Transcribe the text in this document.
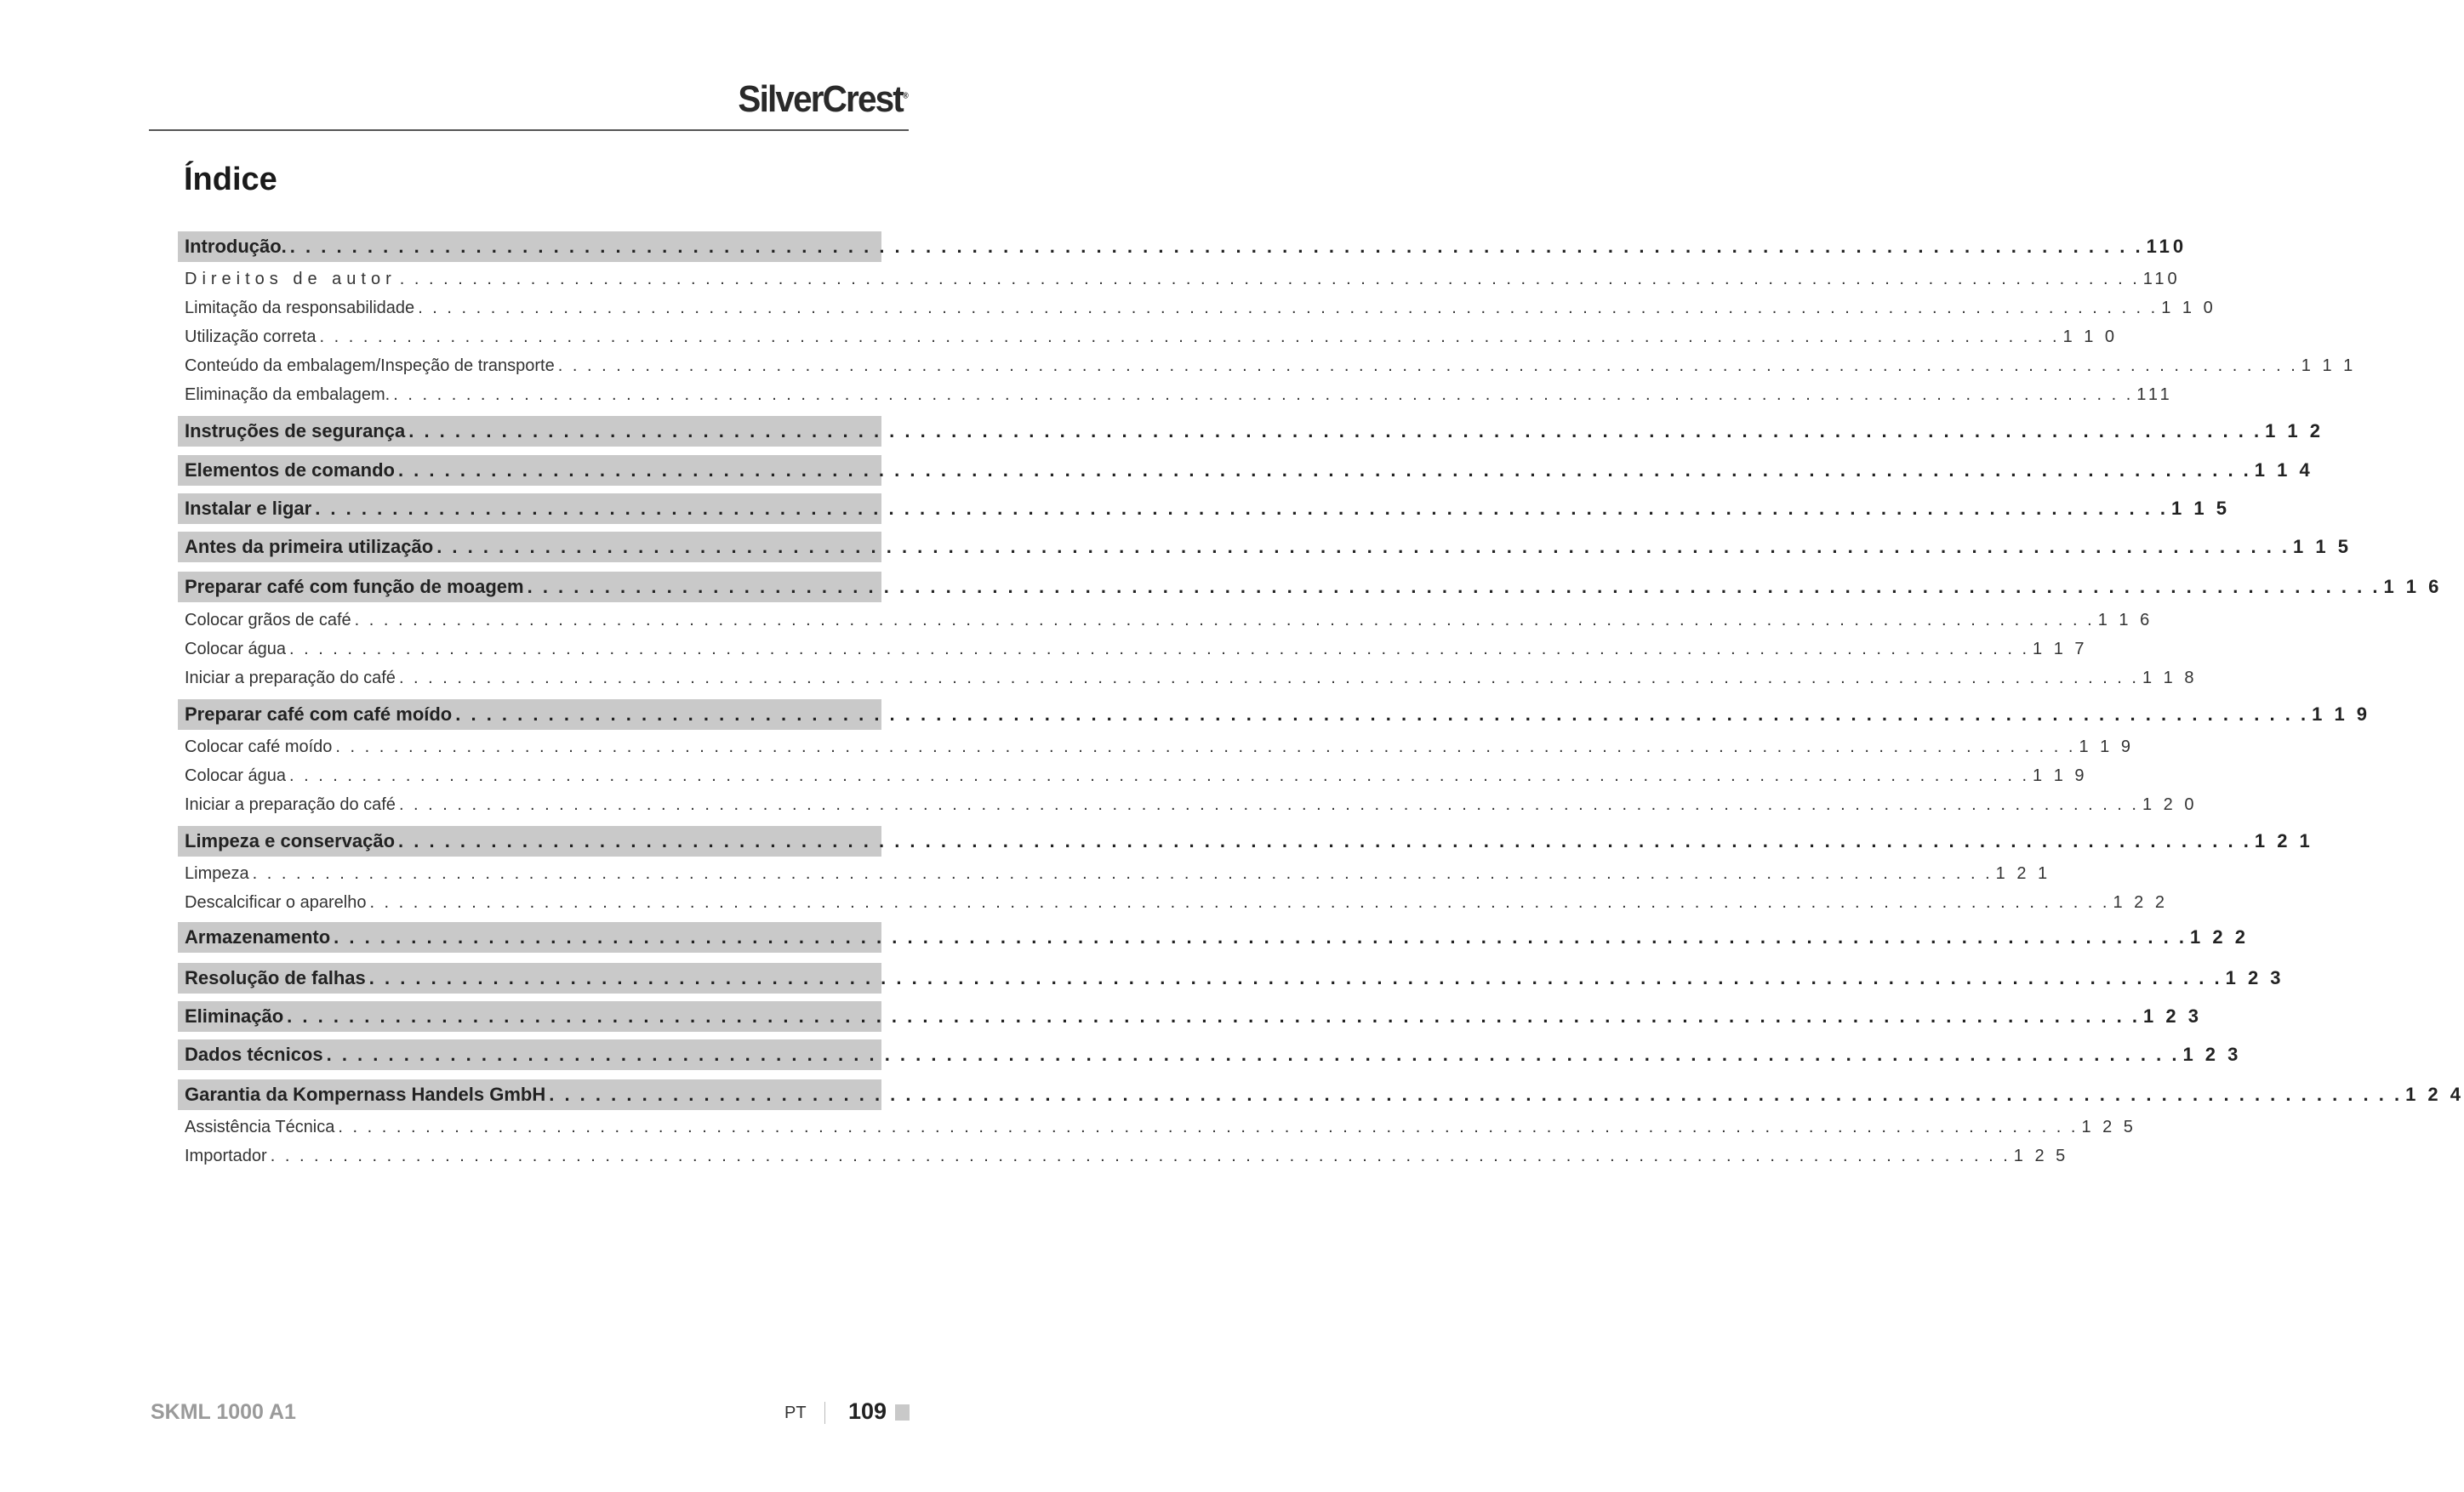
SilverCrest®
Índice
Introdução. . . . . . . . . . . . . . . . . . . . . . . . . . . . . . . . . . . . . . . . . . . . . . . . . . . . . . . . . . . . . . . . . . . . . . . . . . . . . . . . . . . . . . . . . . . . . . . . . . . . . . . . . . . . . . . . . . . . . . . . . 110
Direitos de autor . . . . . . . . . . . . . . . . . . . . . . . . . . . . . . . . . . . . . . . . . . . . . . . . . . . . . . . . . . . . . . . . . . . . . . . . . . . . . . . . . . . . . . . . . . . . . . . . . . . . . . . . . . . . . . . . . . . . . . . . 110
Limitação da responsabilidade . . . . . . . . . . . . . . . . . . . . . . . . . . . . . . . . . . . . . . . . . . . . . . . . . . . . . . . . . . . . . . . . . . . . . . . . . . . . . . . . . . . . . . . . . . . . . . . . . . . . . . . . . . . . . . . . . . . . . . . . 1 1 0
Utilização correta . . . . . . . . . . . . . . . . . . . . . . . . . . . . . . . . . . . . . . . . . . . . . . . . . . . . . . . . . . . . . . . . . . . . . . . . . . . . . . . . . . . . . . . . . . . . . . . . . . . . . . . . . . . . . . . . . . . . . . . . 1 1 0
Conteúdo da embalagem/Inspeção de transporte . . . . . . . . . . . . . . . . . . . . . . . . . . . . . . . . . . . . . . . . . . . . . . . . . . . . . . . . . . . . . . . . . . . . . . . . . . . . . . . . . . . . . . . . . . . . . . . . . . . . . . . . . . . . . . . . . . . . . . . . 1 1 1
Eliminação da embalagem. . . . . . . . . . . . . . . . . . . . . . . . . . . . . . . . . . . . . . . . . . . . . . . . . . . . . . . . . . . . . . . . . . . . . . . . . . . . . . . . . . . . . . . . . . . . . . . . . . . . . . . . . . . . . . . . . . . . . . . . . 111
Instruções de segurança . . . . . . . . . . . . . . . . . . . . . . . . . . . . . . . . . . . . . . . . . . . . . . . . . . . . . . . . . . . . . . . . . . . . . . . . . . . . . . . . . . . . . . . . . . . . . . . . . . . . . . . . . . . . . . . . . . . . . . . . 1 1 2
Elementos de comando . . . . . . . . . . . . . . . . . . . . . . . . . . . . . . . . . . . . . . . . . . . . . . . . . . . . . . . . . . . . . . . . . . . . . . . . . . . . . . . . . . . . . . . . . . . . . . . . . . . . . . . . . . . . . . . . . . . . . . . . 1 1 4
Instalar e ligar . . . . . . . . . . . . . . . . . . . . . . . . . . . . . . . . . . . . . . . . . . . . . . . . . . . . . . . . . . . . . . . . . . . . . . . . . . . . . . . . . . . . . . . . . . . . . . . . . . . . . . . . . . . . . . . . . . . . . . . . 1 1 5
Antes da primeira utilização . . . . . . . . . . . . . . . . . . . . . . . . . . . . . . . . . . . . . . . . . . . . . . . . . . . . . . . . . . . . . . . . . . . . . . . . . . . . . . . . . . . . . . . . . . . . . . . . . . . . . . . . . . . . . . . . . . . . . . . . 1 1 5
Preparar café com função de moagem . . . . . . . . . . . . . . . . . . . . . . . . . . . . . . . . . . . . . . . . . . . . . . . . . . . . . . . . . . . . . . . . . . . . . . . . . . . . . . . . . . . . . . . . . . . . . . . . . . . . . . . . . . . . . . . . . . . . . . . . 1 1 6
Colocar grãos de café . . . . . . . . . . . . . . . . . . . . . . . . . . . . . . . . . . . . . . . . . . . . . . . . . . . . . . . . . . . . . . . . . . . . . . . . . . . . . . . . . . . . . . . . . . . . . . . . . . . . . . . . . . . . . . . . . . . . . . . . 1 1 6
Colocar água . . . . . . . . . . . . . . . . . . . . . . . . . . . . . . . . . . . . . . . . . . . . . . . . . . . . . . . . . . . . . . . . . . . . . . . . . . . . . . . . . . . . . . . . . . . . . . . . . . . . . . . . . . . . . . . . . . . . . . . . 1 1 7
Iniciar a preparação do café . . . . . . . . . . . . . . . . . . . . . . . . . . . . . . . . . . . . . . . . . . . . . . . . . . . . . . . . . . . . . . . . . . . . . . . . . . . . . . . . . . . . . . . . . . . . . . . . . . . . . . . . . . . . . . . . . . . . . . . . 1 1 8
Preparar café com café moído . . . . . . . . . . . . . . . . . . . . . . . . . . . . . . . . . . . . . . . . . . . . . . . . . . . . . . . . . . . . . . . . . . . . . . . . . . . . . . . . . . . . . . . . . . . . . . . . . . . . . . . . . . . . . . . . . . . . . . . . 1 1 9
Colocar café moído . . . . . . . . . . . . . . . . . . . . . . . . . . . . . . . . . . . . . . . . . . . . . . . . . . . . . . . . . . . . . . . . . . . . . . . . . . . . . . . . . . . . . . . . . . . . . . . . . . . . . . . . . . . . . . . . . . . . . . . . 1 1 9
Colocar água . . . . . . . . . . . . . . . . . . . . . . . . . . . . . . . . . . . . . . . . . . . . . . . . . . . . . . . . . . . . . . . . . . . . . . . . . . . . . . . . . . . . . . . . . . . . . . . . . . . . . . . . . . . . . . . . . . . . . . . . 1 1 9
Iniciar a preparação do café . . . . . . . . . . . . . . . . . . . . . . . . . . . . . . . . . . . . . . . . . . . . . . . . . . . . . . . . . . . . . . . . . . . . . . . . . . . . . . . . . . . . . . . . . . . . . . . . . . . . . . . . . . . . . . . . . . . . . . . . 1 2 0
Limpeza e conservação . . . . . . . . . . . . . . . . . . . . . . . . . . . . . . . . . . . . . . . . . . . . . . . . . . . . . . . . . . . . . . . . . . . . . . . . . . . . . . . . . . . . . . . . . . . . . . . . . . . . . . . . . . . . . . . . . . . . . . . . 1 2 1
Limpeza . . . . . . . . . . . . . . . . . . . . . . . . . . . . . . . . . . . . . . . . . . . . . . . . . . . . . . . . . . . . . . . . . . . . . . . . . . . . . . . . . . . . . . . . . . . . . . . . . . . . . . . . . . . . . . . . . . . . . . . . 1 2 1
Descalcificar o aparelho . . . . . . . . . . . . . . . . . . . . . . . . . . . . . . . . . . . . . . . . . . . . . . . . . . . . . . . . . . . . . . . . . . . . . . . . . . . . . . . . . . . . . . . . . . . . . . . . . . . . . . . . . . . . . . . . . . . . . . . . 1 2 2
Armazenamento . . . . . . . . . . . . . . . . . . . . . . . . . . . . . . . . . . . . . . . . . . . . . . . . . . . . . . . . . . . . . . . . . . . . . . . . . . . . . . . . . . . . . . . . . . . . . . . . . . . . . . . . . . . . . . . . . . . . . . . . 1 2 2
Resolução de falhas . . . . . . . . . . . . . . . . . . . . . . . . . . . . . . . . . . . . . . . . . . . . . . . . . . . . . . . . . . . . . . . . . . . . . . . . . . . . . . . . . . . . . . . . . . . . . . . . . . . . . . . . . . . . . . . . . . . . . . . . 1 2 3
Eliminação . . . . . . . . . . . . . . . . . . . . . . . . . . . . . . . . . . . . . . . . . . . . . . . . . . . . . . . . . . . . . . . . . . . . . . . . . . . . . . . . . . . . . . . . . . . . . . . . . . . . . . . . . . . . . . . . . . . . . . . . 1 2 3
Dados técnicos . . . . . . . . . . . . . . . . . . . . . . . . . . . . . . . . . . . . . . . . . . . . . . . . . . . . . . . . . . . . . . . . . . . . . . . . . . . . . . . . . . . . . . . . . . . . . . . . . . . . . . . . . . . . . . . . . . . . . . . . 1 2 3
Garantia da Kompernass Handels GmbH . . . . . . . . . . . . . . . . . . . . . . . . . . . . . . . . . . . . . . . . . . . . . . . . . . . . . . . . . . . . . . . . . . . . . . . . . . . . . . . . . . . . . . . . . . . . . . . . . . . . . . . . . . . . . . . . . . . . . . . . 1 2 4
Assistência Técnica . . . . . . . . . . . . . . . . . . . . . . . . . . . . . . . . . . . . . . . . . . . . . . . . . . . . . . . . . . . . . . . . . . . . . . . . . . . . . . . . . . . . . . . . . . . . . . . . . . . . . . . . . . . . . . . . . . . . . . . . 1 2 5
Importador . . . . . . . . . . . . . . . . . . . . . . . . . . . . . . . . . . . . . . . . . . . . . . . . . . . . . . . . . . . . . . . . . . . . . . . . . . . . . . . . . . . . . . . . . . . . . . . . . . . . . . . . . . . . . . . . . . . . . . . . 1 2 5
SKML 1000 A1	PT 109
